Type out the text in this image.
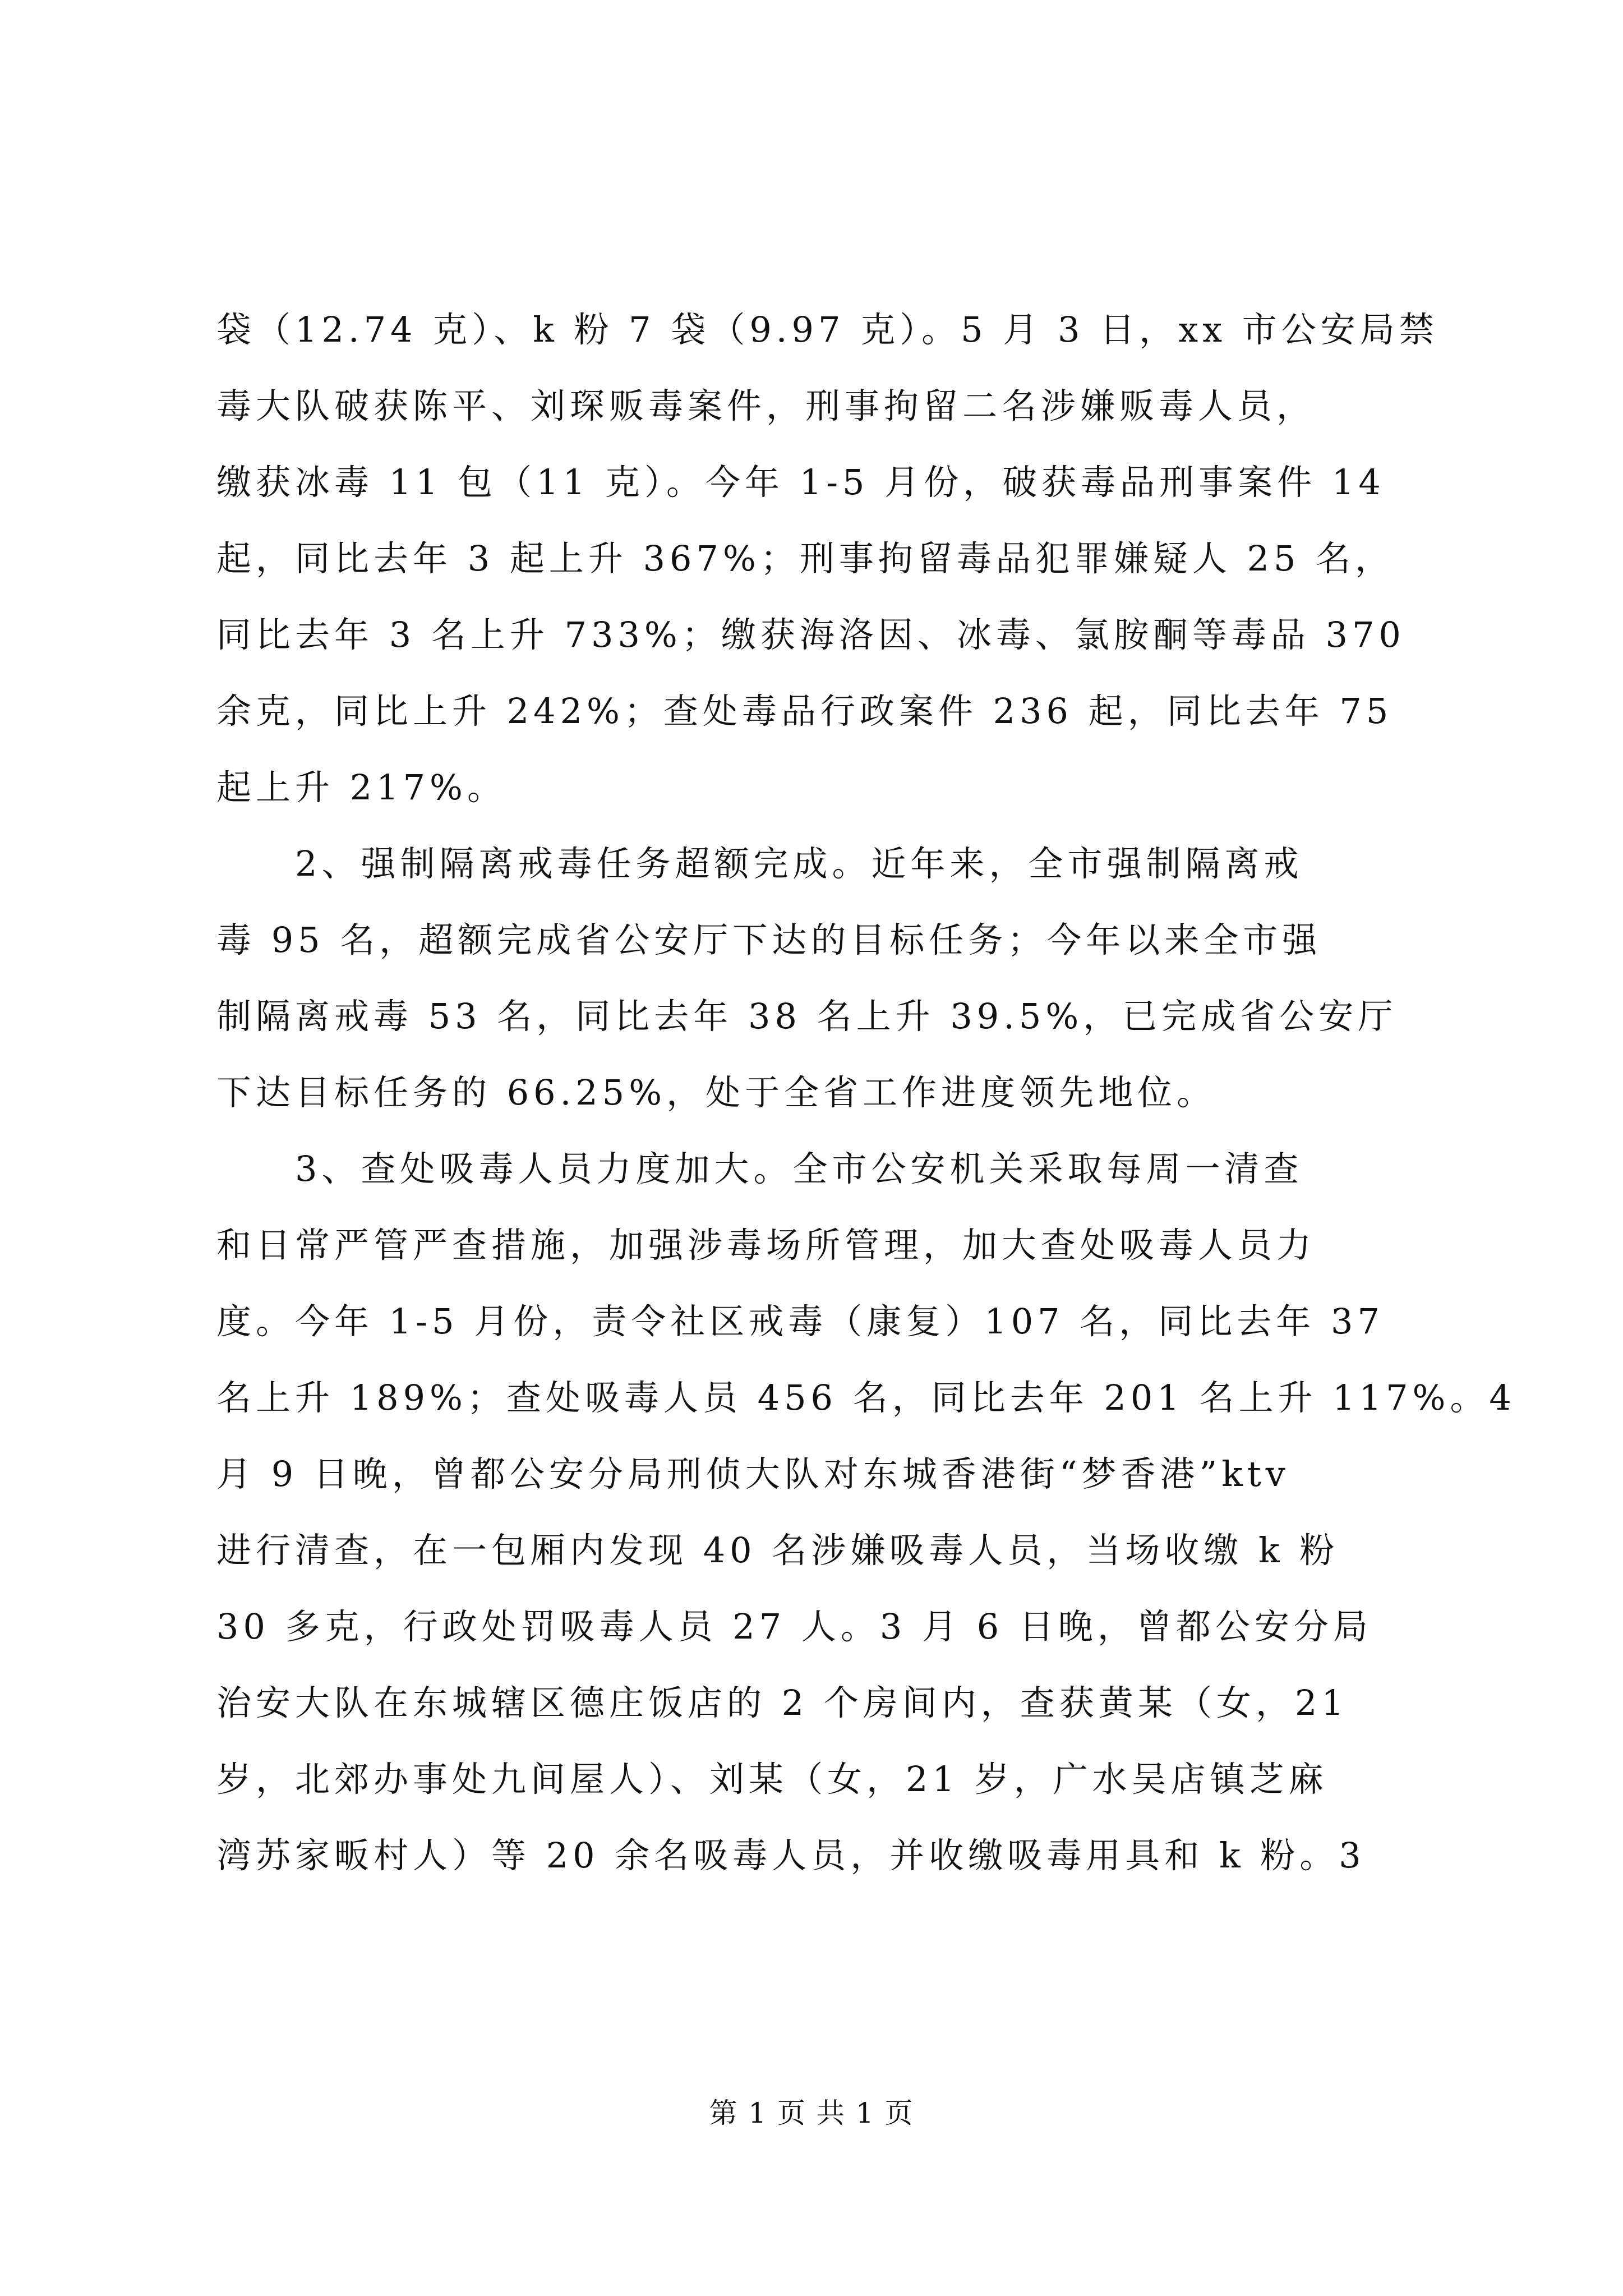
袋（12.74 克）、k 粉 7 袋（9.97 克）。5 月 3 日，xx 市公安局禁
毒大队破获陈平、刘琛贩毒案件，刑事拘留二名涉嫌贩毒人员，
缴获冰毒 11 包（11 克）。今年 1-5 月份，破获毒品刑事案件 14
起，同比去年 3 起上升 367%；刑事拘留毒品犯罪嫌疑人 25 名，
同比去年 3 名上升 733%；缴获海洛因、冰毒、氯胺酮等毒品 370
余克，同比上升 242%；查处毒品行政案件 236 起，同比去年 75
起上升 217%。
　　2、强制隔离戒毒任务超额完成。近年来，全市强制隔离戒
毒 95 名，超额完成省公安厅下达的目标任务；今年以来全市强
制隔离戒毒 53 名，同比去年 38 名上升 39.5%，已完成省公安厅
下达目标任务的 66.25%，处于全省工作进度领先地位。
　　3、查处吸毒人员力度加大。全市公安机关采取每周一清查
和日常严管严查措施，加强涉毒场所管理，加大查处吸毒人员力
度。今年 1-5 月份，责令社区戒毒（康复）107 名，同比去年 37
名上升 189%；查处吸毒人员 456 名，同比去年 201 名上升 117%。4
月 9 日晚，曾都公安分局刑侦大队对东城香港街“梦香港”ktv
进行清查，在一包厢内发现 40 名涉嫌吸毒人员，当场收缴 k 粉
30 多克，行政处罚吸毒人员 27 人。3 月 6 日晚，曾都公安分局
治安大队在东城辖区德庄饭店的 2 个房间内，查获黄某（女，21
岁，北郊办事处九间屋人）、刘某（女，21 岁，广水吴店镇芝麻
湾苏家畈村人）等 20 余名吸毒人员，并收缴吸毒用具和 k 粉。3
第 1 页 共 1 页
